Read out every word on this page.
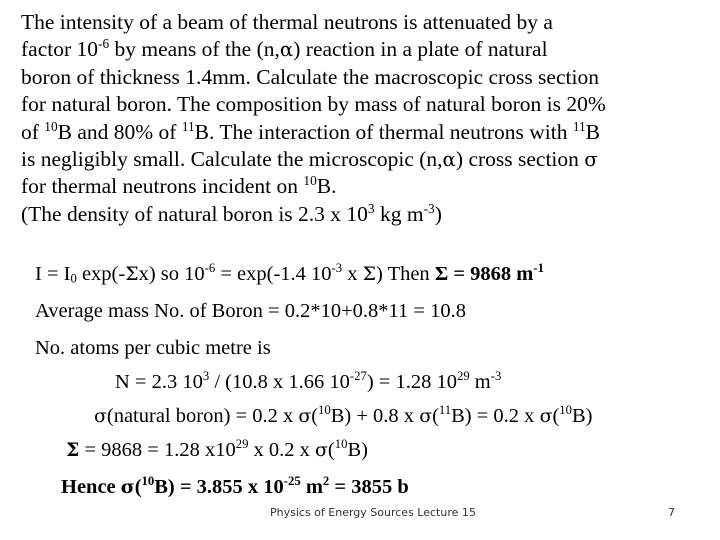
The intensity of a beam of thermal neutrons is attenuated by a
factor $10^{-6}$ by means of the (n,α) reaction in a plate of natural
boron of thickness 1.4mm. Calculate the macroscopic cross section
for natural boron. The composition by mass of natural boron is 20%
of $^{10}$B and 80% of $^{11}$B. The interaction of thermal neutrons with $^{11}$B
is negligibly small. Calculate the microscopic (n,α) cross section σ
for thermal neutrons incident on $^{10}$B.
(The density of natural boron is 2.3 x $10^3$ kg $m^{-3}$)
$I = I_0$ exp(-Σx) so $10^{-6} = \exp(-1.4$ $10^{-3}$ x Σ) Then Σ = 9868 $m^{-1}$
Average mass No. of Boron = 0.2*10+0.8*11 = 10.8
No. atoms per cubic metre is
N = 2.3 $10^3 / (10.8$ x 1.66 $10^{-27}) = 1.28$ $10^{29}$ $m^{-3}$
σ(natural boron) = 0.2 x σ($^{10}$B) + 0.8 x σ($^{11}$B) = 0.2 x σ($^{10}$B)
Σ = 9868 = 1.28 $x10^{29}$ x 0.2 x σ($^{10}$B)
Hence σ($^{10}$B) = 3.855 x $10^{-25}$ $m^2 = 3855$ b
Physics of Energy Sources Lecture 15	7
